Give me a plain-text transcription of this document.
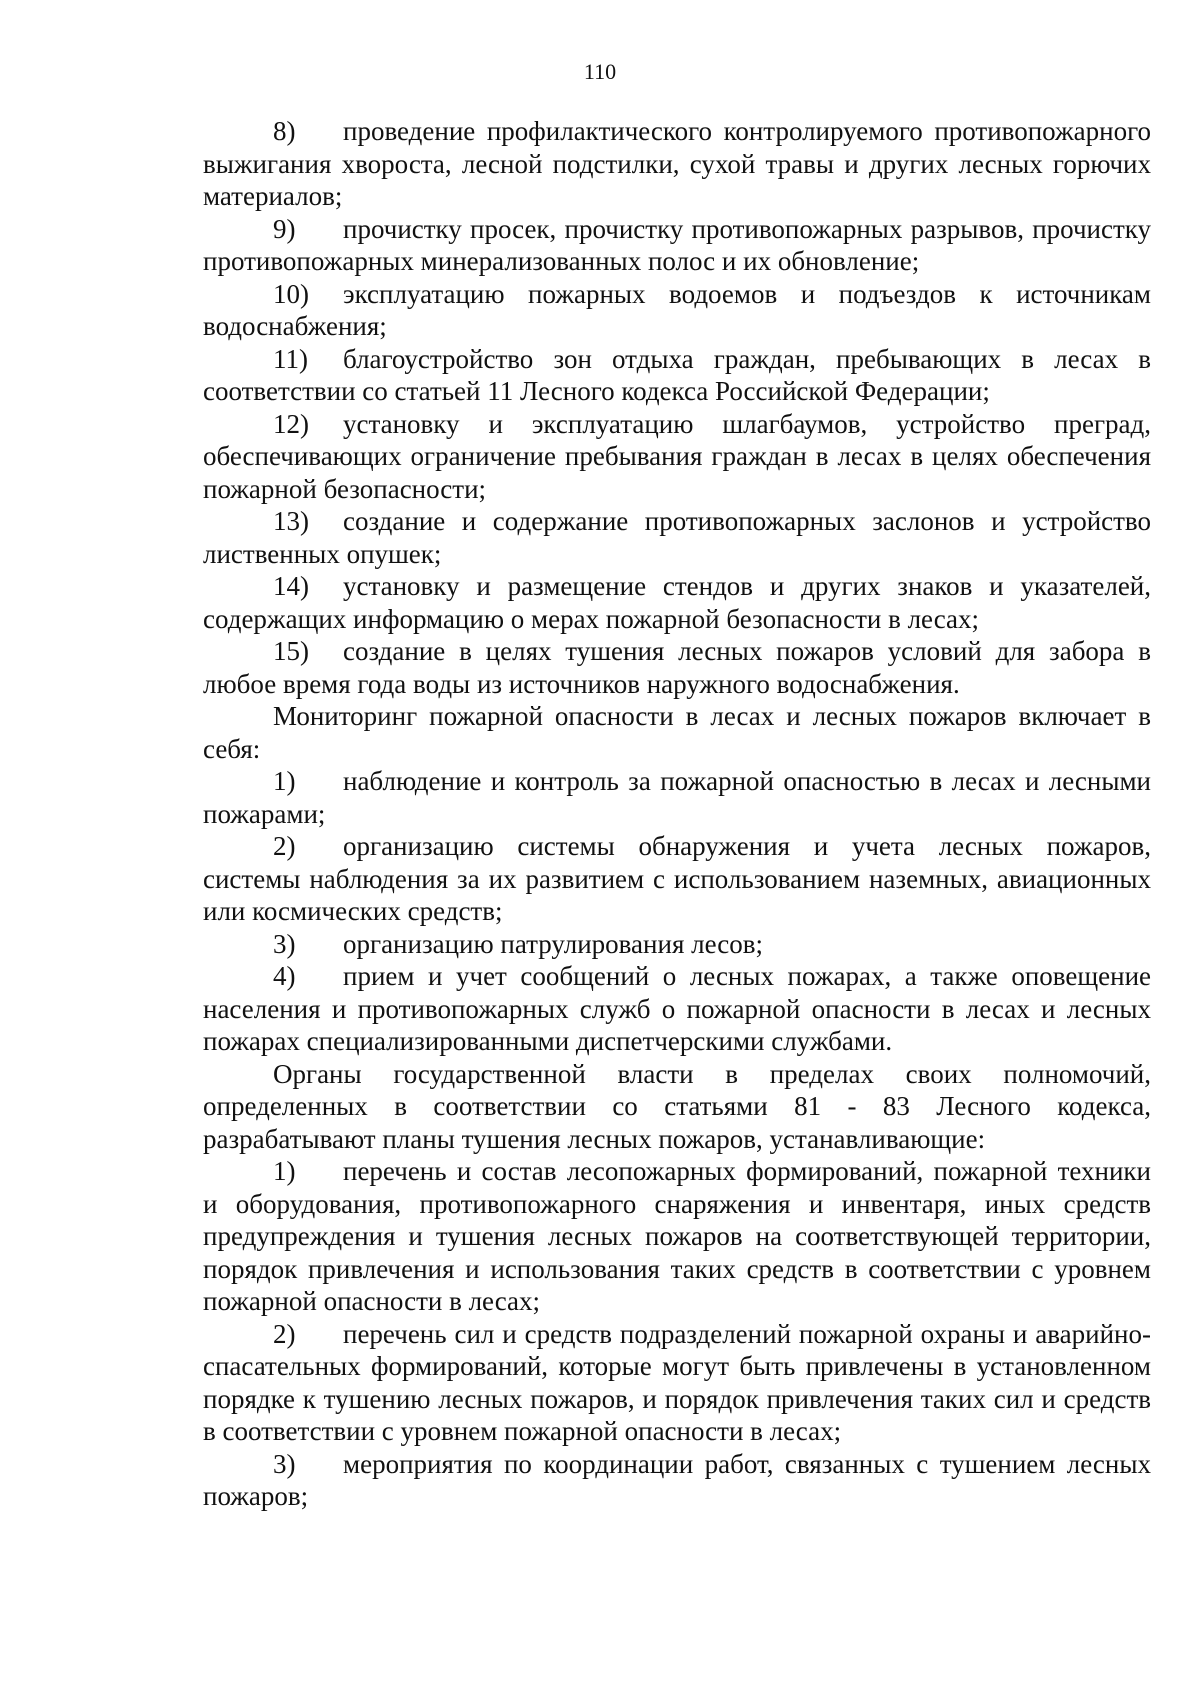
110

8) проведение профилактического контролируемого противопожарного выжигания хвороста, лесной подстилки, сухой травы и других лесных горючих материалов;

9) прочистку просек, прочистку противопожарных разрывов, прочистку противопожарных минерализованных полос и их обновление;

10) эксплуатацию пожарных водоемов и подъездов к источникам водоснабжения;

11) благоустройство зон отдыха граждан, пребывающих в лесах в соответствии со статьей 11 Лесного кодекса Российской Федерации;

12) установку и эксплуатацию шлагбаумов, устройство преград, обеспечивающих ограничение пребывания граждан в лесах в целях обеспечения пожарной безопасности;

13) создание и содержание противопожарных заслонов и устройство лиственных опушек;

14) установку и размещение стендов и других знаков и указателей, содержащих информацию о мерах пожарной безопасности в лесах;

15) создание в целях тушения лесных пожаров условий для забора в любое время года воды из источников наружного водоснабжения.

Мониторинг пожарной опасности в лесах и лесных пожаров включает в себя:

1) наблюдение и контроль за пожарной опасностью в лесах и лесными пожарами;

2) организацию системы обнаружения и учета лесных пожаров, системы наблюдения за их развитием с использованием наземных, авиационных или космических средств;

3) организацию патрулирования лесов;

4) прием и учет сообщений о лесных пожарах, а также оповещение населения и противопожарных служб о пожарной опасности в лесах и лесных пожарах специализированными диспетчерскими службами.

Органы государственной власти в пределах своих полномочий, определенных в соответствии со статьями 81 - 83 Лесного кодекса, разрабатывают планы тушения лесных пожаров, устанавливающие:

1) перечень и состав лесопожарных формирований, пожарной техники и оборудования, противопожарного снаряжения и инвентаря, иных средств предупреждения и тушения лесных пожаров на соответствующей территории, порядок привлечения и использования таких средств в соответствии с уровнем пожарной опасности в лесах;

2) перечень сил и средств подразделений пожарной охраны и аварийно-спасательных формирований, которые могут быть привлечены в установленном порядке к тушению лесных пожаров, и порядок привлечения таких сил и средств в соответствии с уровнем пожарной опасности в лесах;

3) мероприятия по координации работ, связанных с тушением лесных пожаров;
